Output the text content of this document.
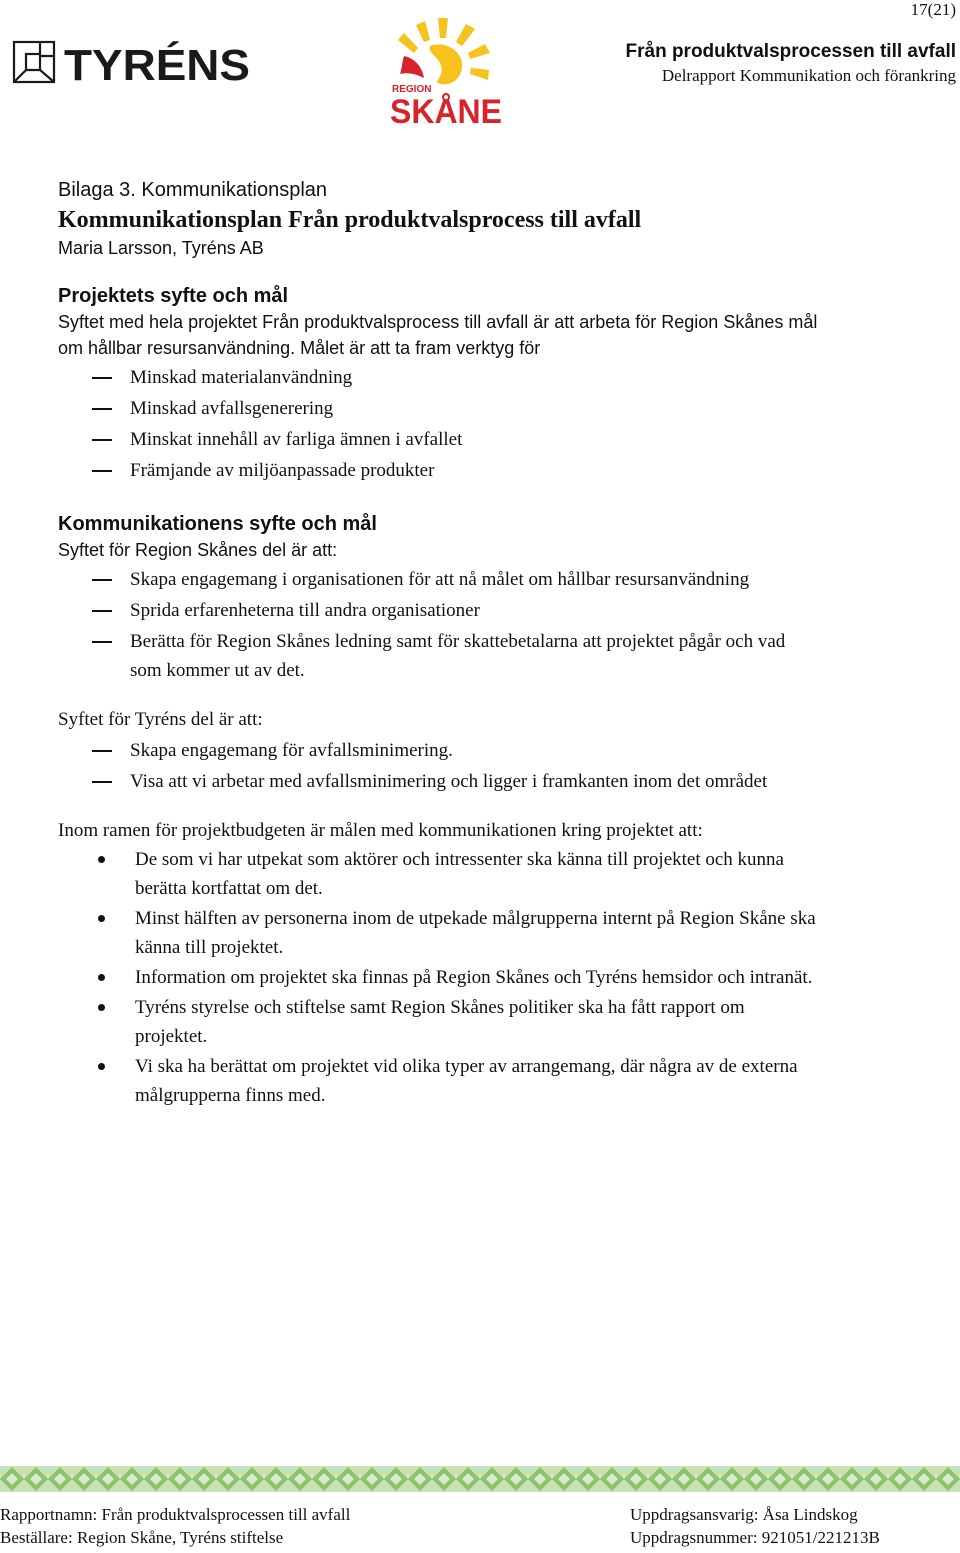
17(21)
TYRÉNS	REGION
SKÅNE
Från produktvalsprocessen till avfall
Delrapport Kommunikation och förankring

Bilaga 3. Kommunikationsplan

Kommunikationsplan Från produktvalsprocess till avfall

Maria Larsson, Tyréns AB

Projektets syfte och mål

Syftet med hela projektet Från produktvalsprocess till avfall är att arbeta för Region Skånes mål om hållbar resursanvändning. Målet är att ta fram verktyg för

Minskad materialanvändning
Minskad avfallsgenerering
Minskat innehåll av farliga ämnen i avfallet
Främjande av miljöanpassade produkter

Kommunikationens syfte och mål

Syftet för Region Skånes del är att:

Skapa engagemang i organisationen för att nå målet om hållbar resursanvändning
Sprida erfarenheterna till andra organisationer
Berätta för Region Skånes ledning samt för skattebetalarna att projektet pågår och vad som kommer ut av det.

Syftet för Tyréns del är att:

Skapa engagemang för avfallsminimering.
Visa att vi arbetar med avfallsminimering och ligger i framkanten inom det området

Inom ramen för projektbudgeten är målen med kommunikationen kring projektet att:

De som vi har utpekat som aktörer och intressenter ska känna till projektet och kunna berätta kortfattat om det.
Minst hälften av personerna inom de utpekade målgrupperna internt på Region Skåne ska känna till projektet.
Information om projektet ska finnas på Region Skånes och Tyréns hemsidor och intranät.
Tyréns styrelse och stiftelse samt Region Skånes politiker ska ha fått rapport om projektet.
Vi ska ha berättat om projektet vid olika typer av arrangemang, där några av de externa målgrupperna finns med.
Rapportnamn: Från produktvalsprocessen till avfall
Beställare: Region Skåne, Tyréns stiftelse
Uppdragsansvarig: Åsa Lindskog
Uppdragsnummer: 921051/221213B
